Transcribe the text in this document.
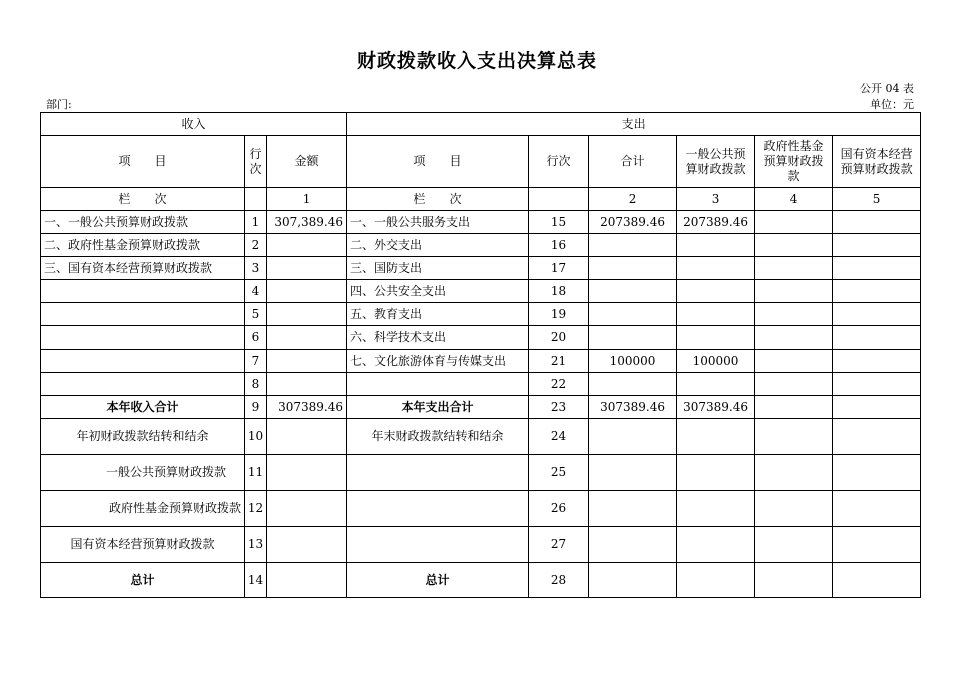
财政拨款收入支出决算总表
公开 04 表
部门:	单位：元
收入			支出					
项　　目	行次	金额	项　　目	行次	合计	一般公共预算财政拨款	政府性基金预算财政拨款	国有资本经营预算财政拨款
栏　　次		1	栏　　次		2	3	4	5
一、一般公共预算财政拨款	1	307,389.46	一、一般公共服务支出	15	207389.46	207389.46		
二、政府性基金预算财政拨款	2		二、外交支出	16				
三、国有资本经营预算财政拨款	3		三、国防支出	17				
	4		四、公共安全支出	18				
	5		五、教育支出	19				
	6		六、科学技术支出	20				
	7		七、文化旅游体育与传媒支出	21	100000	100000		
	8			22				
本年收入合计	9	307389.46	本年支出合计	23	307389.46	307389.46		
年初财政拨款结转和结余	10		年末财政拨款结转和结余	24				
一般公共预算财政拨款	11			25				
政府性基金预算财政拨款	12			26				
国有资本经营预算财政拨款	13			27				
总计	14		总计	28				
